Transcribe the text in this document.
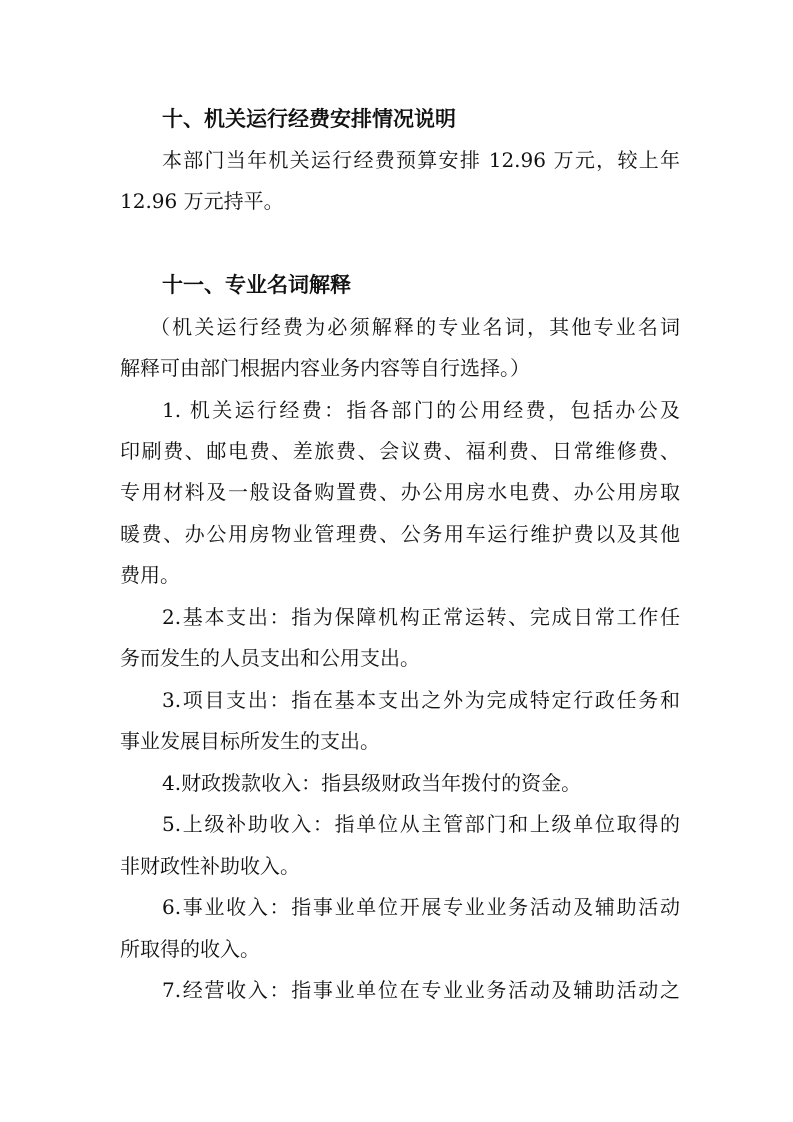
十、机关运行经费安排情况说明
本部门当年机关运行经费预算安排 12.96 万元，较上年
12.96 万元持平。
十一、专业名词解释
（机关运行经费为必须解释的专业名词，其他专业名词
解释可由部门根据内容业务内容等自行选择。）
1. 机关运行经费：指各部门的公用经费，包括办公及
印刷费、邮电费、差旅费、会议费、福利费、日常维修费、
专用材料及一般设备购置费、办公用房水电费、办公用房取
暖费、办公用房物业管理费、公务用车运行维护费以及其他
费用。
2.基本支出：指为保障机构正常运转、完成日常工作任
务而发生的人员支出和公用支出。
3.项目支出：指在基本支出之外为完成特定行政任务和
事业发展目标所发生的支出。
4.财政拨款收入：指县级财政当年拨付的资金。
5.上级补助收入：指单位从主管部门和上级单位取得的
非财政性补助收入。
6.事业收入：指事业单位开展专业业务活动及辅助活动
所取得的收入。
7.经营收入：指事业单位在专业业务活动及辅助活动之
